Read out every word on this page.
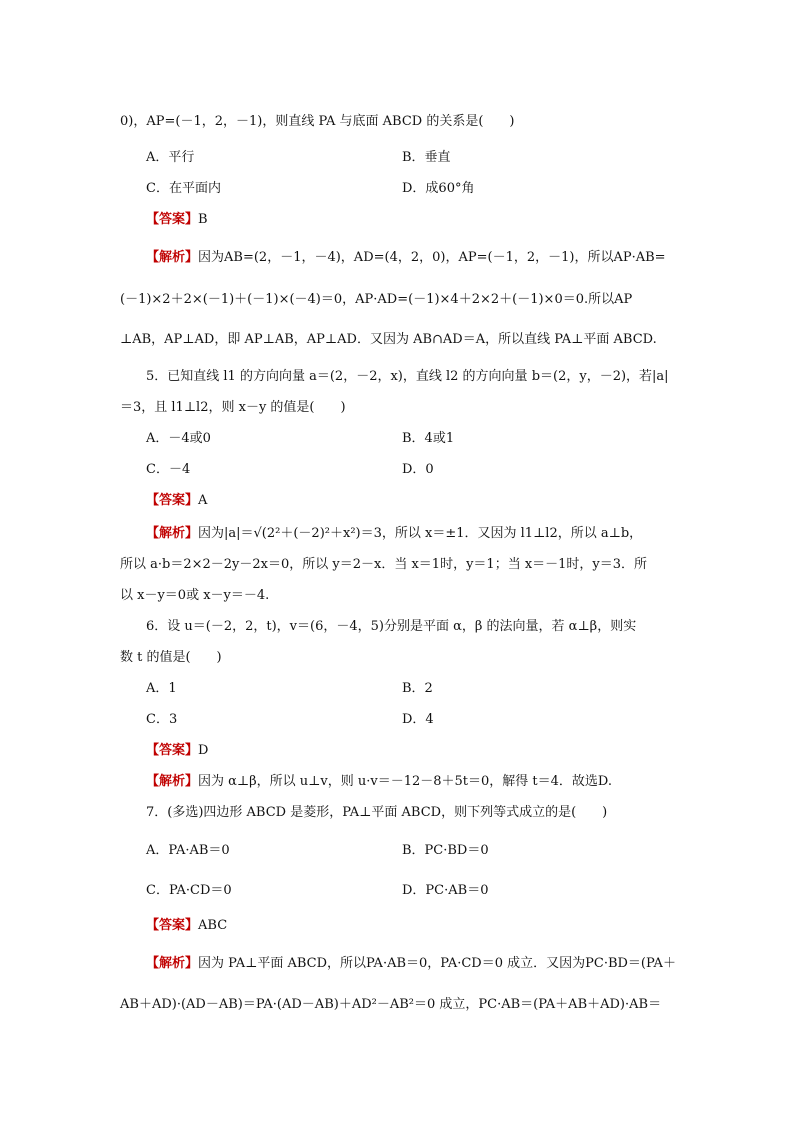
0)，AP=(－1，2，－1)，则直线 PA 与底面 ABCD 的关系是(　　)
A．平行	B．垂直
C．在平面内	D．成60°角
【答案】B
【解析】因为AB=(2，－1，－4)，AD=(4，2，0)，AP=(－1，2，－1)，所以AP·AB=
(－1)×2＋2×(－1)＋(－1)×(－4)＝0，AP·AD=(－1)×4＋2×2＋(－1)×0＝0.所以AP
⊥AB，AP⊥AD，即 AP⊥AB，AP⊥AD．又因为 AB∩AD＝A，所以直线 PA⊥平面 ABCD.
5．已知直线 l1 的方向向量 a＝(2，－2，x)，直线 l2 的方向向量 b＝(2，y，－2)，若|a|
＝3，且 l1⊥l2，则 x－y 的值是(　　)
A．－4或0	B．4或1
C．－4	D．0
【答案】A
【解析】因为|a|＝√(2²＋(－2)²＋x²)＝3，所以 x＝±1．又因为 l1⊥l2，所以 a⊥b，
所以 a·b＝2×2－2y－2x＝0，所以 y＝2－x．当 x＝1时，y＝1；当 x＝－1时，y＝3．所
以 x－y＝0或 x－y＝－4.
6．设 u＝(－2，2，t)，v＝(6，－4，5)分别是平面 α，β 的法向量，若 α⊥β，则实
数 t 的值是(　　)
A．1	B．2
C．3	D．4
【答案】D
【解析】因为 α⊥β，所以 u⊥v，则 u·v＝－12－8＋5t＝0，解得 t＝4．故选D.
7．(多选)四边形 ABCD 是菱形，PA⊥平面 ABCD，则下列等式成立的是(　　)
A．PA·AB＝0	B．PC·BD＝0
C．PA·CD＝0	D．PC·AB＝0
【答案】ABC
【解析】因为 PA⊥平面 ABCD，所以PA·AB＝0，PA·CD＝0 成立．又因为PC·BD＝(PA＋
AB＋AD)·(AD－AB)＝PA·(AD－AB)＋AD²－AB²＝0 成立，PC·AB＝(PA＋AB＋AD)·AB＝
